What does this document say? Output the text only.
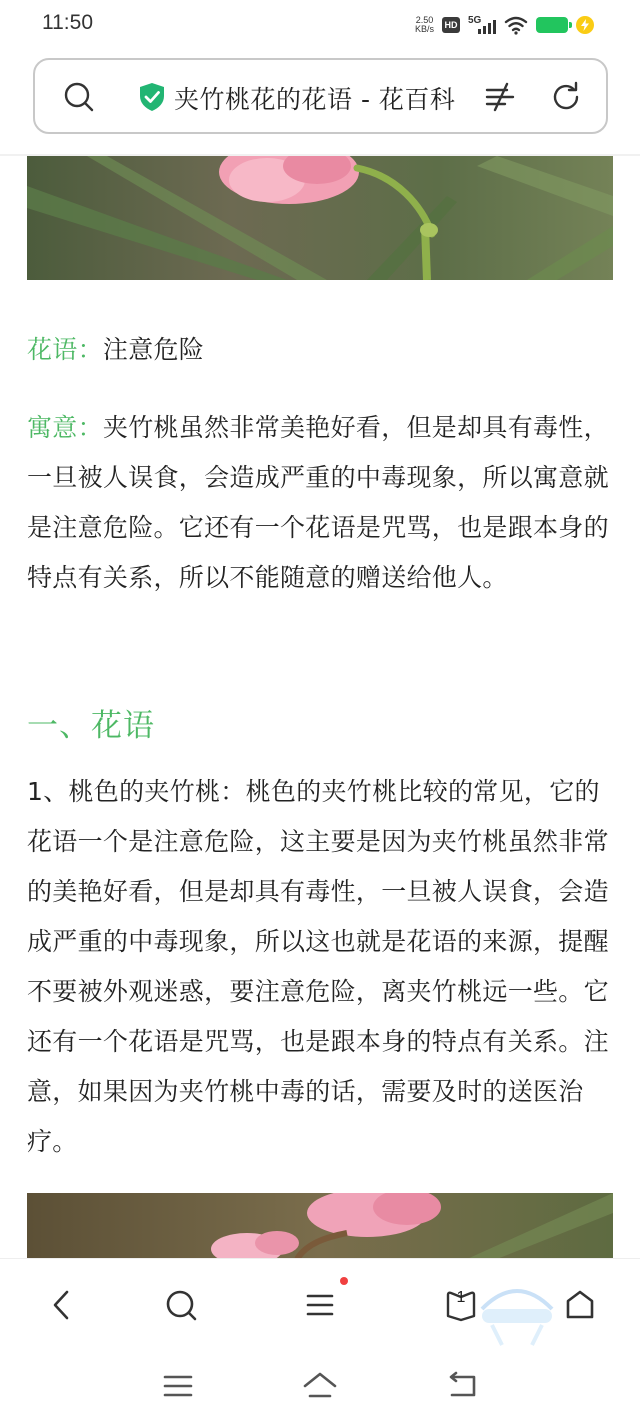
11:50	2.50
KB/s HD 5G
夹竹桃花的花语 - 花百科
花语：注意危险
寓意：夹竹桃虽然非常美艳好看，但是却具有毒性，一旦被人误食，会造成严重的中毒现象，所以寓意就是注意危险。它还有一个花语是咒骂，也是跟本身的特点有关系，所以不能随意的赠送给他人。
一、花语
1、桃色的夹竹桃：桃色的夹竹桃比较的常见，它的花语一个是注意危险，这主要是因为夹竹桃虽然非常的美艳好看，但是却具有毒性，一旦被人误食，会造成严重的中毒现象，所以这也就是花语的来源，提醒不要被外观迷惑，要注意危险，离夹竹桃远一些。它还有一个花语是咒骂，也是跟本身的特点有关系。注意，如果因为夹竹桃中毒的话，需要及时的送医治疗。
1
